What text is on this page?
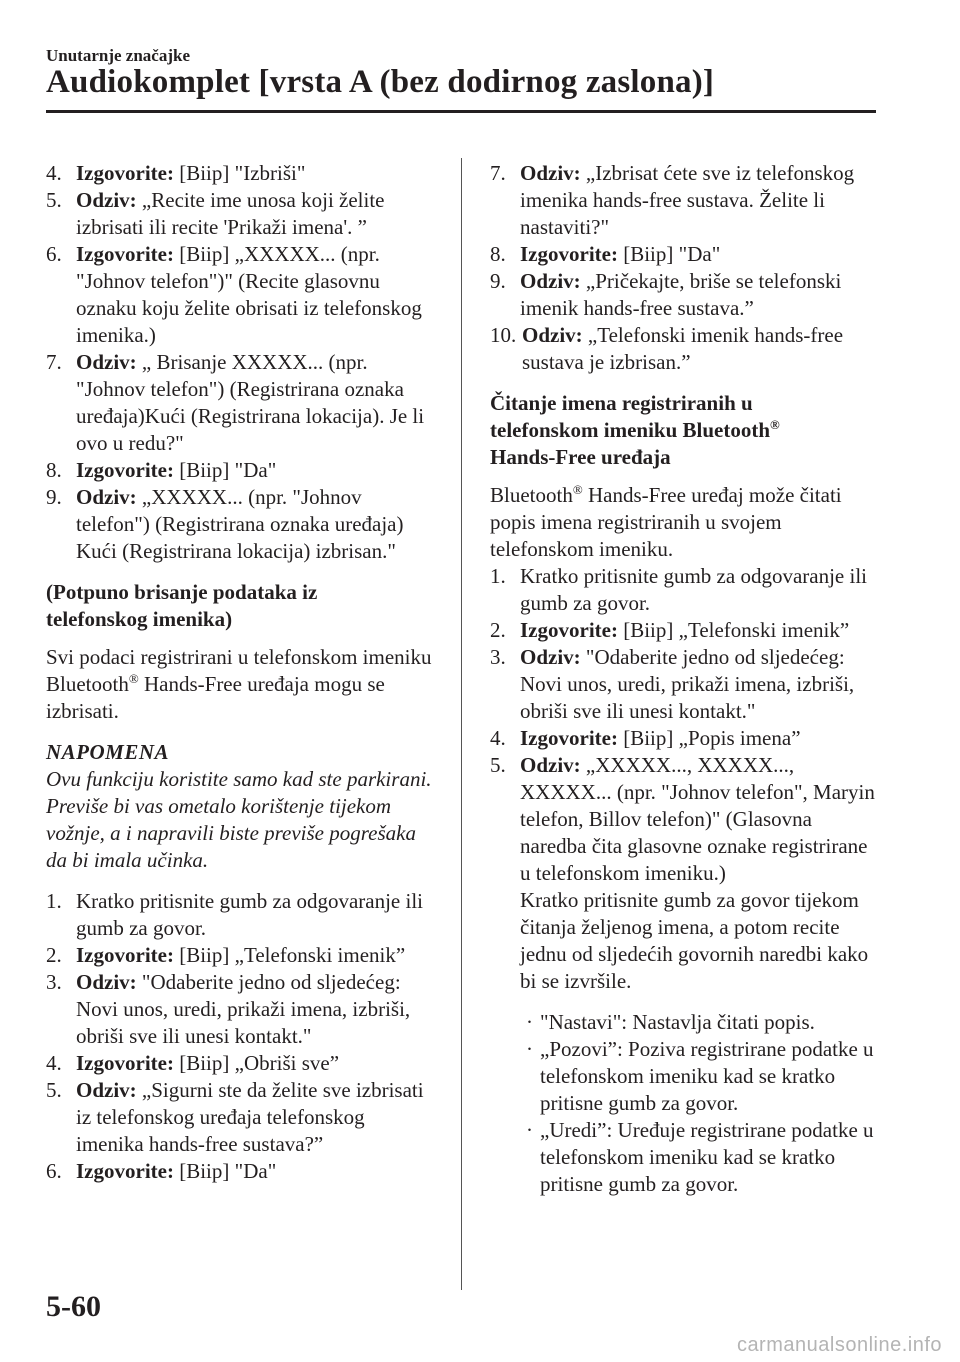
Unutarnje značajke
Audiokomplet [vrsta A (bez dodirnog zaslona)]
4. Izgovorite: [Biip] "Izbriši"
5. Odziv: „Recite ime unosa koji želite izbrisati ili recite 'Prikaži imena'. ”
6. Izgovorite: [Biip] „XXXXX... (npr. "Johnov telefon")" (Recite glasovnu oznaku koju želite obrisati iz telefonskog imenika.)
7. Odziv: „ Brisanje XXXXX... (npr. "Johnov telefon") (Registrirana oznaka uređaja)Kući (Registrirana lokacija). Je li ovo u redu?"
8. Izgovorite: [Biip] "Da"
9. Odziv: „XXXXX... (npr. "Johnov telefon") (Registrirana oznaka uređaja) Kući (Registrirana lokacija) izbrisan."
(Potpuno brisanje podataka iz
telefonskog imenika)
Svi podaci registrirani u telefonskom imeniku Bluetooth® Hands-Free uređaja mogu se izbrisati.
NAPOMENA
Ovu funkciju koristite samo kad ste parkirani. Previše bi vas ometalo korištenje tijekom vožnje, a i napravili biste previše pogrešaka da bi imala učinka.
1. Kratko pritisnite gumb za odgovaranje ili gumb za govor.
2. Izgovorite: [Biip] „Telefonski imenik”
3. Odziv: "Odaberite jedno od sljedećeg: Novi unos, uredi, prikaži imena, izbriši, obriši sve ili unesi kontakt."
4. Izgovorite: [Biip] „Obriši sve”
5. Odziv: „Sigurni ste da želite sve izbrisati iz telefonskog uređaja telefonskog imenika hands-free sustava?”
6. Izgovorite: [Biip] "Da"
7. Odziv: „Izbrisat ćete sve iz telefonskog imenika hands-free sustava. Želite li nastaviti?"
8. Izgovorite: [Biip] "Da"
9. Odziv: „Pričekajte, briše se telefonski imenik hands-free sustava.”
10. Odziv: „Telefonski imenik hands-free sustava je izbrisan.”
Čitanje imena registriranih u
telefonskom imeniku Bluetooth®
Hands-Free uređaja
Bluetooth® Hands-Free uređaj može čitati popis imena registriranih u svojem telefonskom imeniku.
1. Kratko pritisnite gumb za odgovaranje ili gumb za govor.
2. Izgovorite: [Biip] „Telefonski imenik”
3. Odziv: "Odaberite jedno od sljedećeg: Novi unos, uredi, prikaži imena, izbriši, obriši sve ili unesi kontakt."
4. Izgovorite: [Biip] „Popis imena”
5. Odziv: „XXXXX..., XXXXX..., XXXXX... (npr. "Johnov telefon", Maryin telefon, Billov telefon)" (Glasovna naredba čita glasovne oznake registrirane u telefonskom imeniku.)
Kratko pritisnite gumb za govor tijekom čitanja željenog imena, a potom recite jednu od sljedećih govornih naredbi kako bi se izvršile.
· "Nastavi": Nastavlja čitati popis.
· „Pozovi”: Poziva registrirane podatke u telefonskom imeniku kad se kratko pritisne gumb za govor.
· „Uredi”: Uređuje registrirane podatke u telefonskom imeniku kad se kratko pritisne gumb za govor.
5-60
carmanualsonline.info
